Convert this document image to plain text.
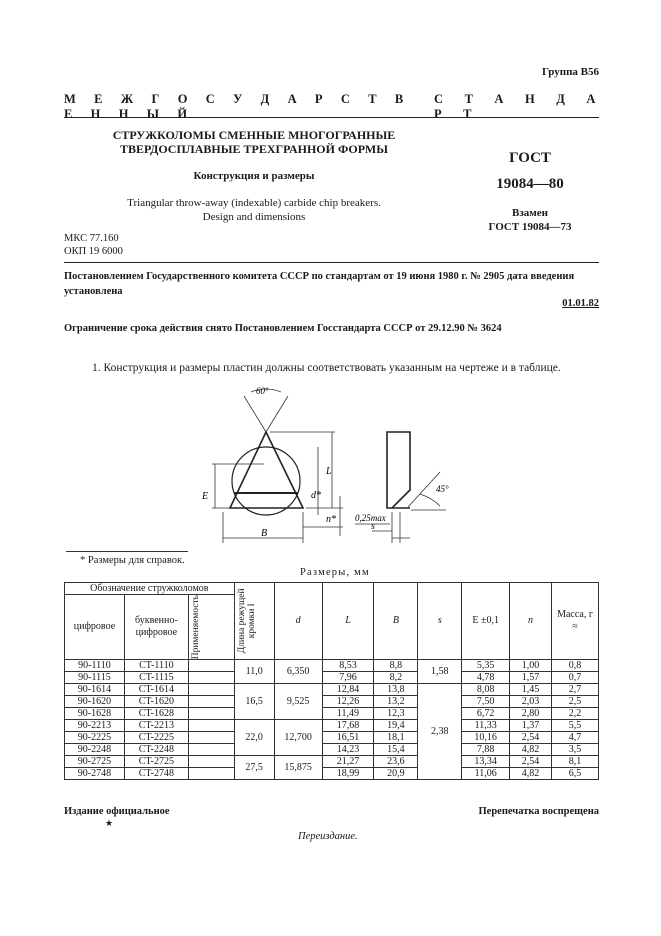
Группа В56
М Е Ж Г О С У Д А Р С Т В Е Н Н Ы Й
С Т А Н Д А Р Т
СТРУЖКОЛОМЫ СМЕННЫЕ МНОГОГРАННЫЕ
ТВЕРДОСПЛАВНЫЕ ТРЕХГРАННОЙ ФОРМЫ
Конструкция и размеры
Triangular throw-away (indexable) carbide chip breakers.
Design and dimensions
МКС 77.160
ОКП 19 6000
ГОСТ
19084—80
Взамен
ГОСТ 19084—73
Постановлением Государственного комитета СССР по стандартам от 19 июня 1980 г. № 2905 дата введения установлена
01.01.82
Ограничение срока действия снято Постановлением Госстандарта СССР от 29.12.90 № 3624
1. Конструкция и размеры пластин должны соответствовать указанным на чертеже и в таблице.
60°
E
B
L
d*
n* 0,25max
s
45°
* Размеры для справок.
Размеры, мм
Обозначение стружколомов			Длина режущей кромки l	d	L	B	s	E ±0,1	n	Масса, г ≈
цифровое	буквенно-цифровое	Применяемость								

90-1110	CT-1110		11,0	6,350	8,53	8,8	1,58	5,35	1,00	0,8
90-1115	CT-1115				7,96	8,2		4,78	1,57	0,7
90-1614	CT-1614		16,5	9,525	12,84	13,8	2,38	8,08	1,45	2,7
90-1620	CT-1620				12,26	13,2		7,50	2,03	2,5
90-1628	CT-1628				11,49	12,3		6,72	2,80	2,2
90-2213	CT-2213		22,0	12,700	17,68	19,4		11,33	1,37	5,5
90-2225	CT-2225				16,51	18,1		10,16	2,54	4,7
90-2248	CT-2248				14,23	15,4		7,88	4,82	3,5
90-2725	CT-2725		27,5	15,875	21,27	23,6		13,34	2,54	8,1
90-2748	CT-2748				18,99	20,9		11,06	4,82	6,5
Издание официальное	Перепечатка воспрещена
★
Переиздание.
